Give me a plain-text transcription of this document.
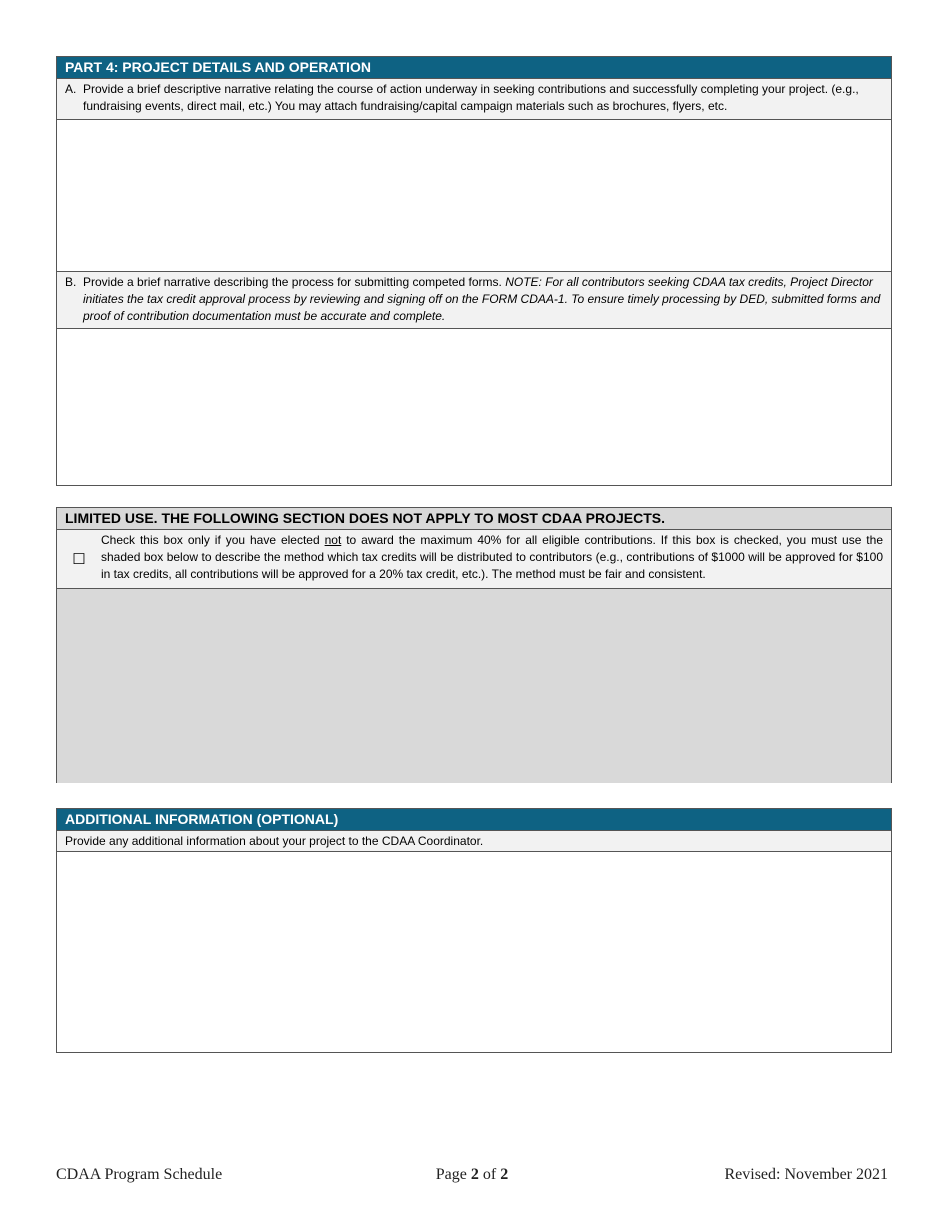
PART 4: PROJECT DETAILS AND OPERATION
A. Provide a brief descriptive narrative relating the course of action underway in seeking contributions and successfully completing your project. (e.g., fundraising events, direct mail, etc.) You may attach fundraising/capital campaign materials such as brochures, flyers, etc.
B. Provide a brief narrative describing the process for submitting competed forms. NOTE: For all contributors seeking CDAA tax credits, Project Director initiates the tax credit approval process by reviewing and signing off on the FORM CDAA-1. To ensure timely processing by DED, submitted forms and proof of contribution documentation must be accurate and complete.
LIMITED USE. THE FOLLOWING SECTION DOES NOT APPLY TO MOST CDAA PROJECTS.
☐
Check this box only if you have elected not to award the maximum 40% for all eligible contributions. If this box is checked, you must use the shaded box below to describe the method which tax credits will be distributed to contributors (e.g., contributions of $1000 will be approved for $100 in tax credits, all contributions will be approved for a 20% tax credit, etc.). The method must be fair and consistent.
ADDITIONAL INFORMATION (OPTIONAL)
Provide any additional information about your project to the CDAA Coordinator.
CDAA Program Schedule	Page 2 of 2	Revised: November 2021
